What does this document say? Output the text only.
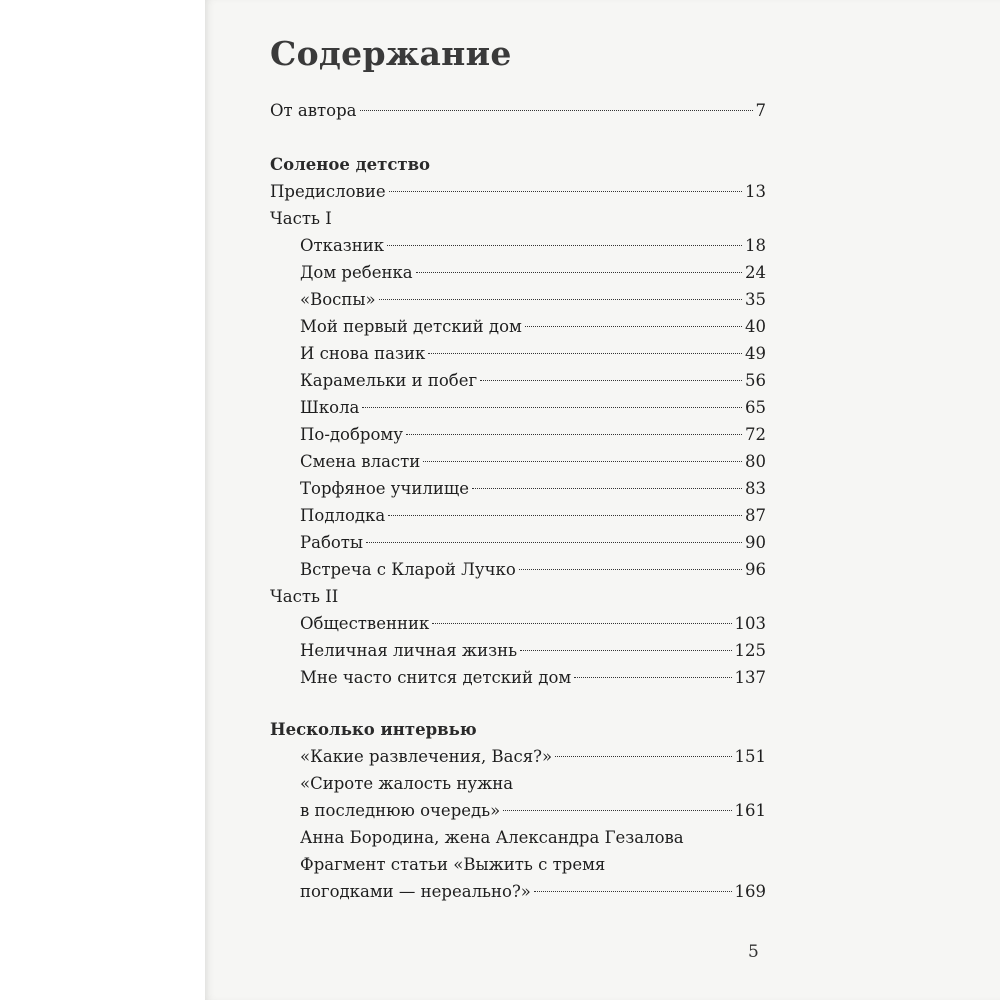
Содержание
От автора	7
Соленое детство
Предисловие	13
Часть I
Отказник	18
Дом ребенка	24
«Воспы»	35
Мой первый детский дом	40
И снова пазик	49
Карамельки и побег	56
Школа	65
По-доброму	72
Смена власти	80
Торфяное училище	83
Подлодка	87
Работы	90
Встреча с Кларой Лучко	96
Часть II
Общественник	103
Неличная личная жизнь	125
Мне часто снится детский дом	137
Несколько интервью
«Какие развлечения, Вася?»	151
«Сироте жалость нужна
в последнюю очередь»	161
Анна Бородина, жена Александра Гезалова
Фрагмент статьи «Выжить с тремя
погодками — нереально?»	169
5
